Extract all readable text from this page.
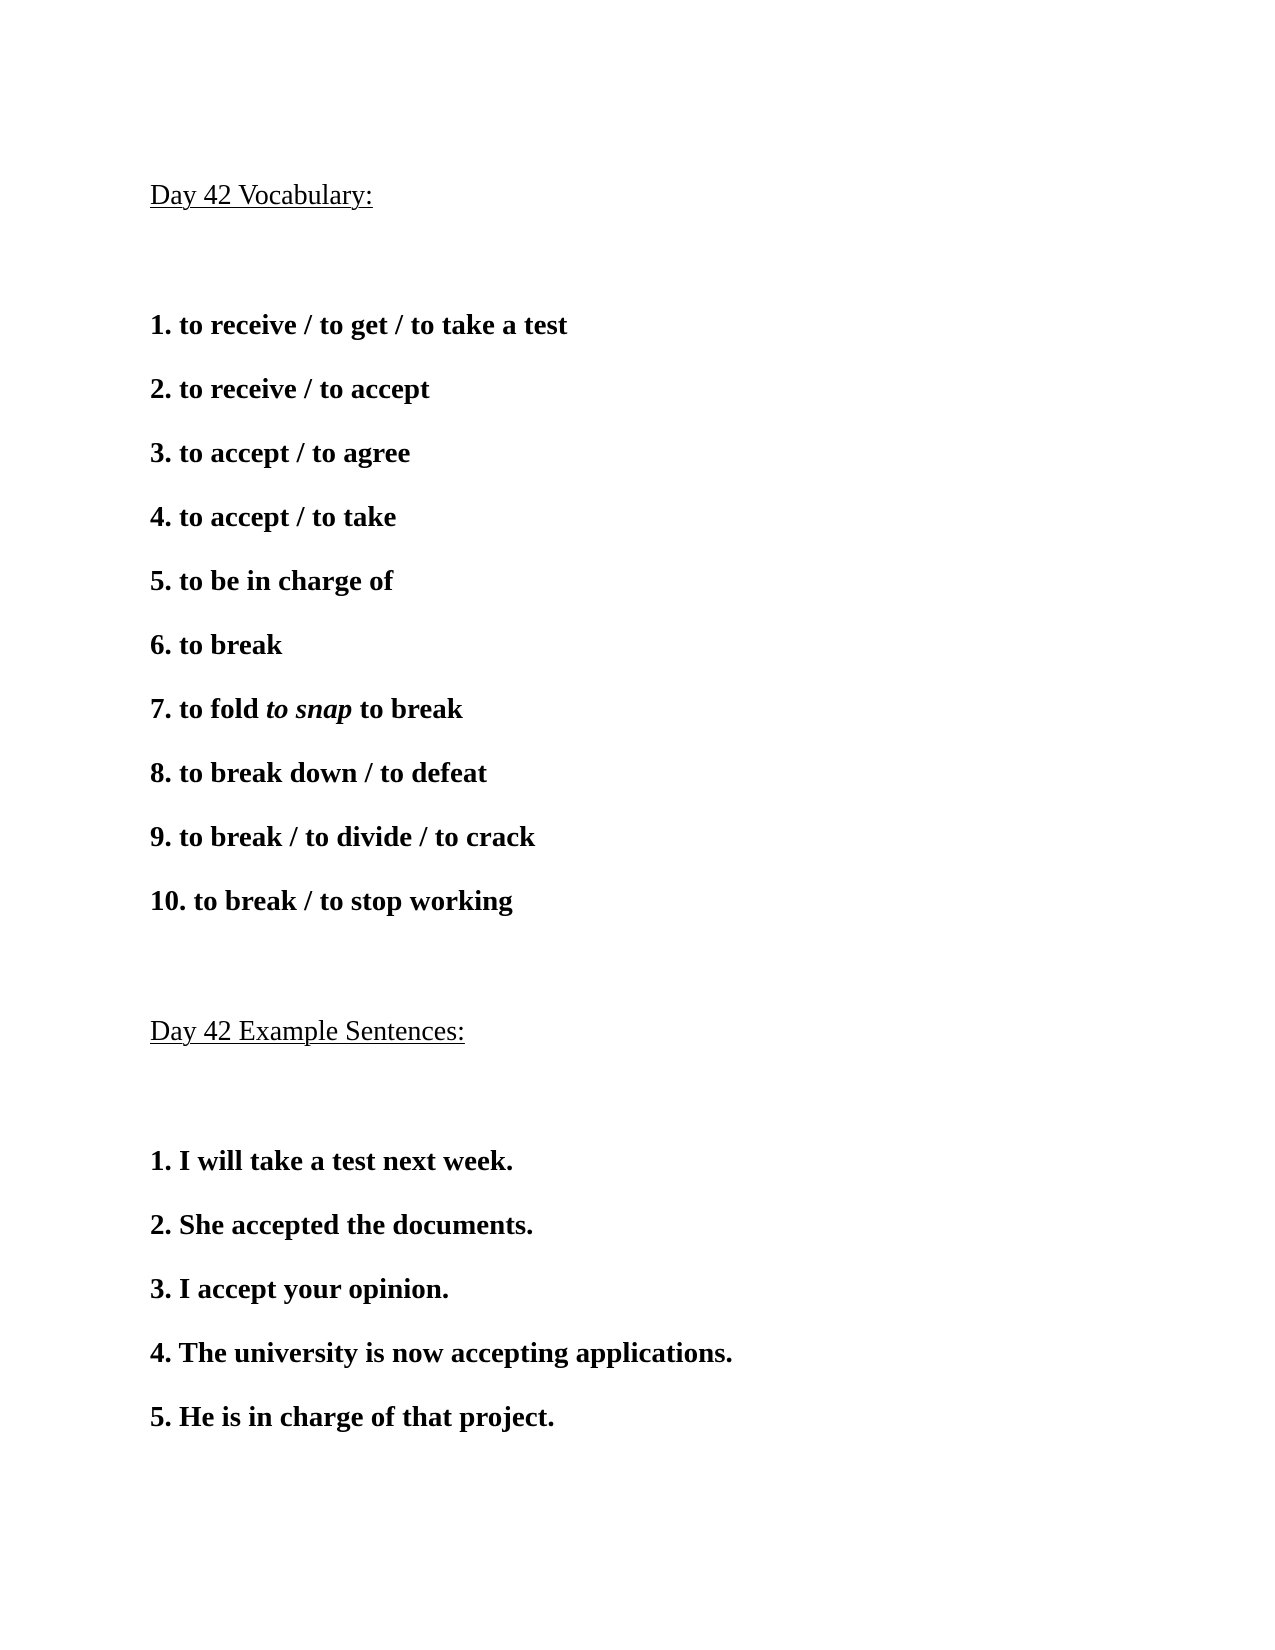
Day 42 Vocabulary:
1. to receive / to get / to take a test
2. to receive / to accept
3. to accept / to agree
4. to accept / to take
5. to be in charge of
6. to break
7. to fold to snap to break
8. to break down / to defeat
9. to break / to divide / to crack
10. to break / to stop working
Day 42 Example Sentences:
1. I will take a test next week.
2. She accepted the documents.
3. I accept your opinion.
4. The university is now accepting applications.
5. He is in charge of that project.
